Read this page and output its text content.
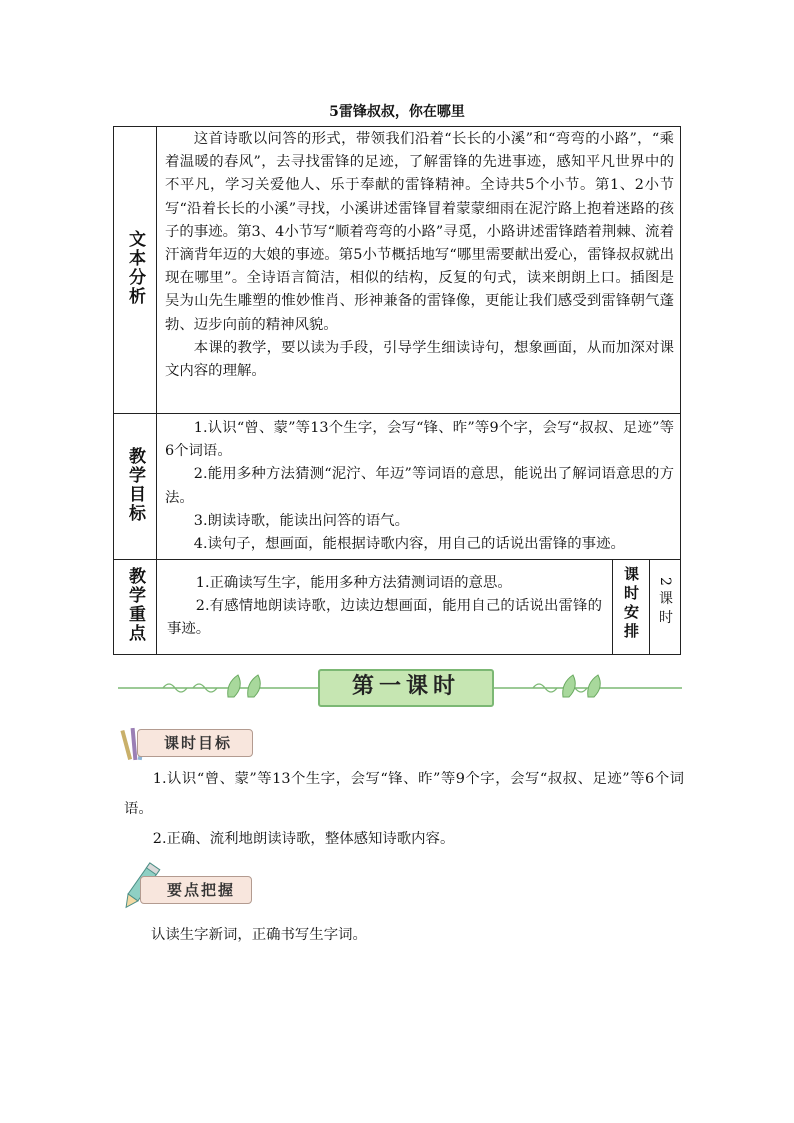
5雷锋叔叔，你在哪里
文本分析	这首诗歌以问答的形式，带领我们沿着“长长的小溪”和“弯弯的小路”，“乘着温暖的春风”，去寻找雷锋的足迹，了解雷锋的先进事迹，感知平凡世界中的不平凡，学习关爱他人、乐于奉献的雷锋精神。全诗共5个小节。第1、2小节写“沿着长长的小溪”寻找，小溪讲述雷锋冒着蒙蒙细雨在泥泞路上抱着迷路的孩子的事迹。第3、4小节写“顺着弯弯的小路”寻觅，小路讲述雷锋踏着荆棘、流着汗滴背年迈的大娘的事迹。第5小节概括地写“哪里需要献出爱心，雷锋叔叔就出现在哪里”。全诗语言简洁，相似的结构，反复的句式，读来朗朗上口。插图是吴为山先生雕塑的惟妙惟肖、形神兼备的雷锋像，更能让我们感受到雷锋朝气蓬勃、迈步向前的精神风貌。

本课的教学，要以读为手段，引导学生细读诗句，想象画面，从而加深对课文内容的理解。		

教学目标	1.认识“曾、蒙”等13个生字，会写“锋、昨”等9个字，会写“叔叔、足迹”等6个词语。

2.能用多种方法猜测“泥泞、年迈”等词语的意思，能说出了解词语意思的方法。

3.朗读诗歌，能读出问答的语气。

4.读句子，想画面，能根据诗歌内容，用自己的话说出雷锋的事迹。		

教学重点	1.正确读写生字，能用多种方法猜测词语的意思。

2.有感情地朗读诗歌，边读边想画面，能用自己的话说出雷锋的事迹。	课时安排	2课时
第一课时
课时目标

1.认识“曾、蒙”等13个生字，会写“锋、昨”等9个字，会写“叔叔、足迹”等6个词语。

2.正确、流利地朗读诗歌，整体感知诗歌内容。

要点把握
认读生字新词，正确书写生字词。
